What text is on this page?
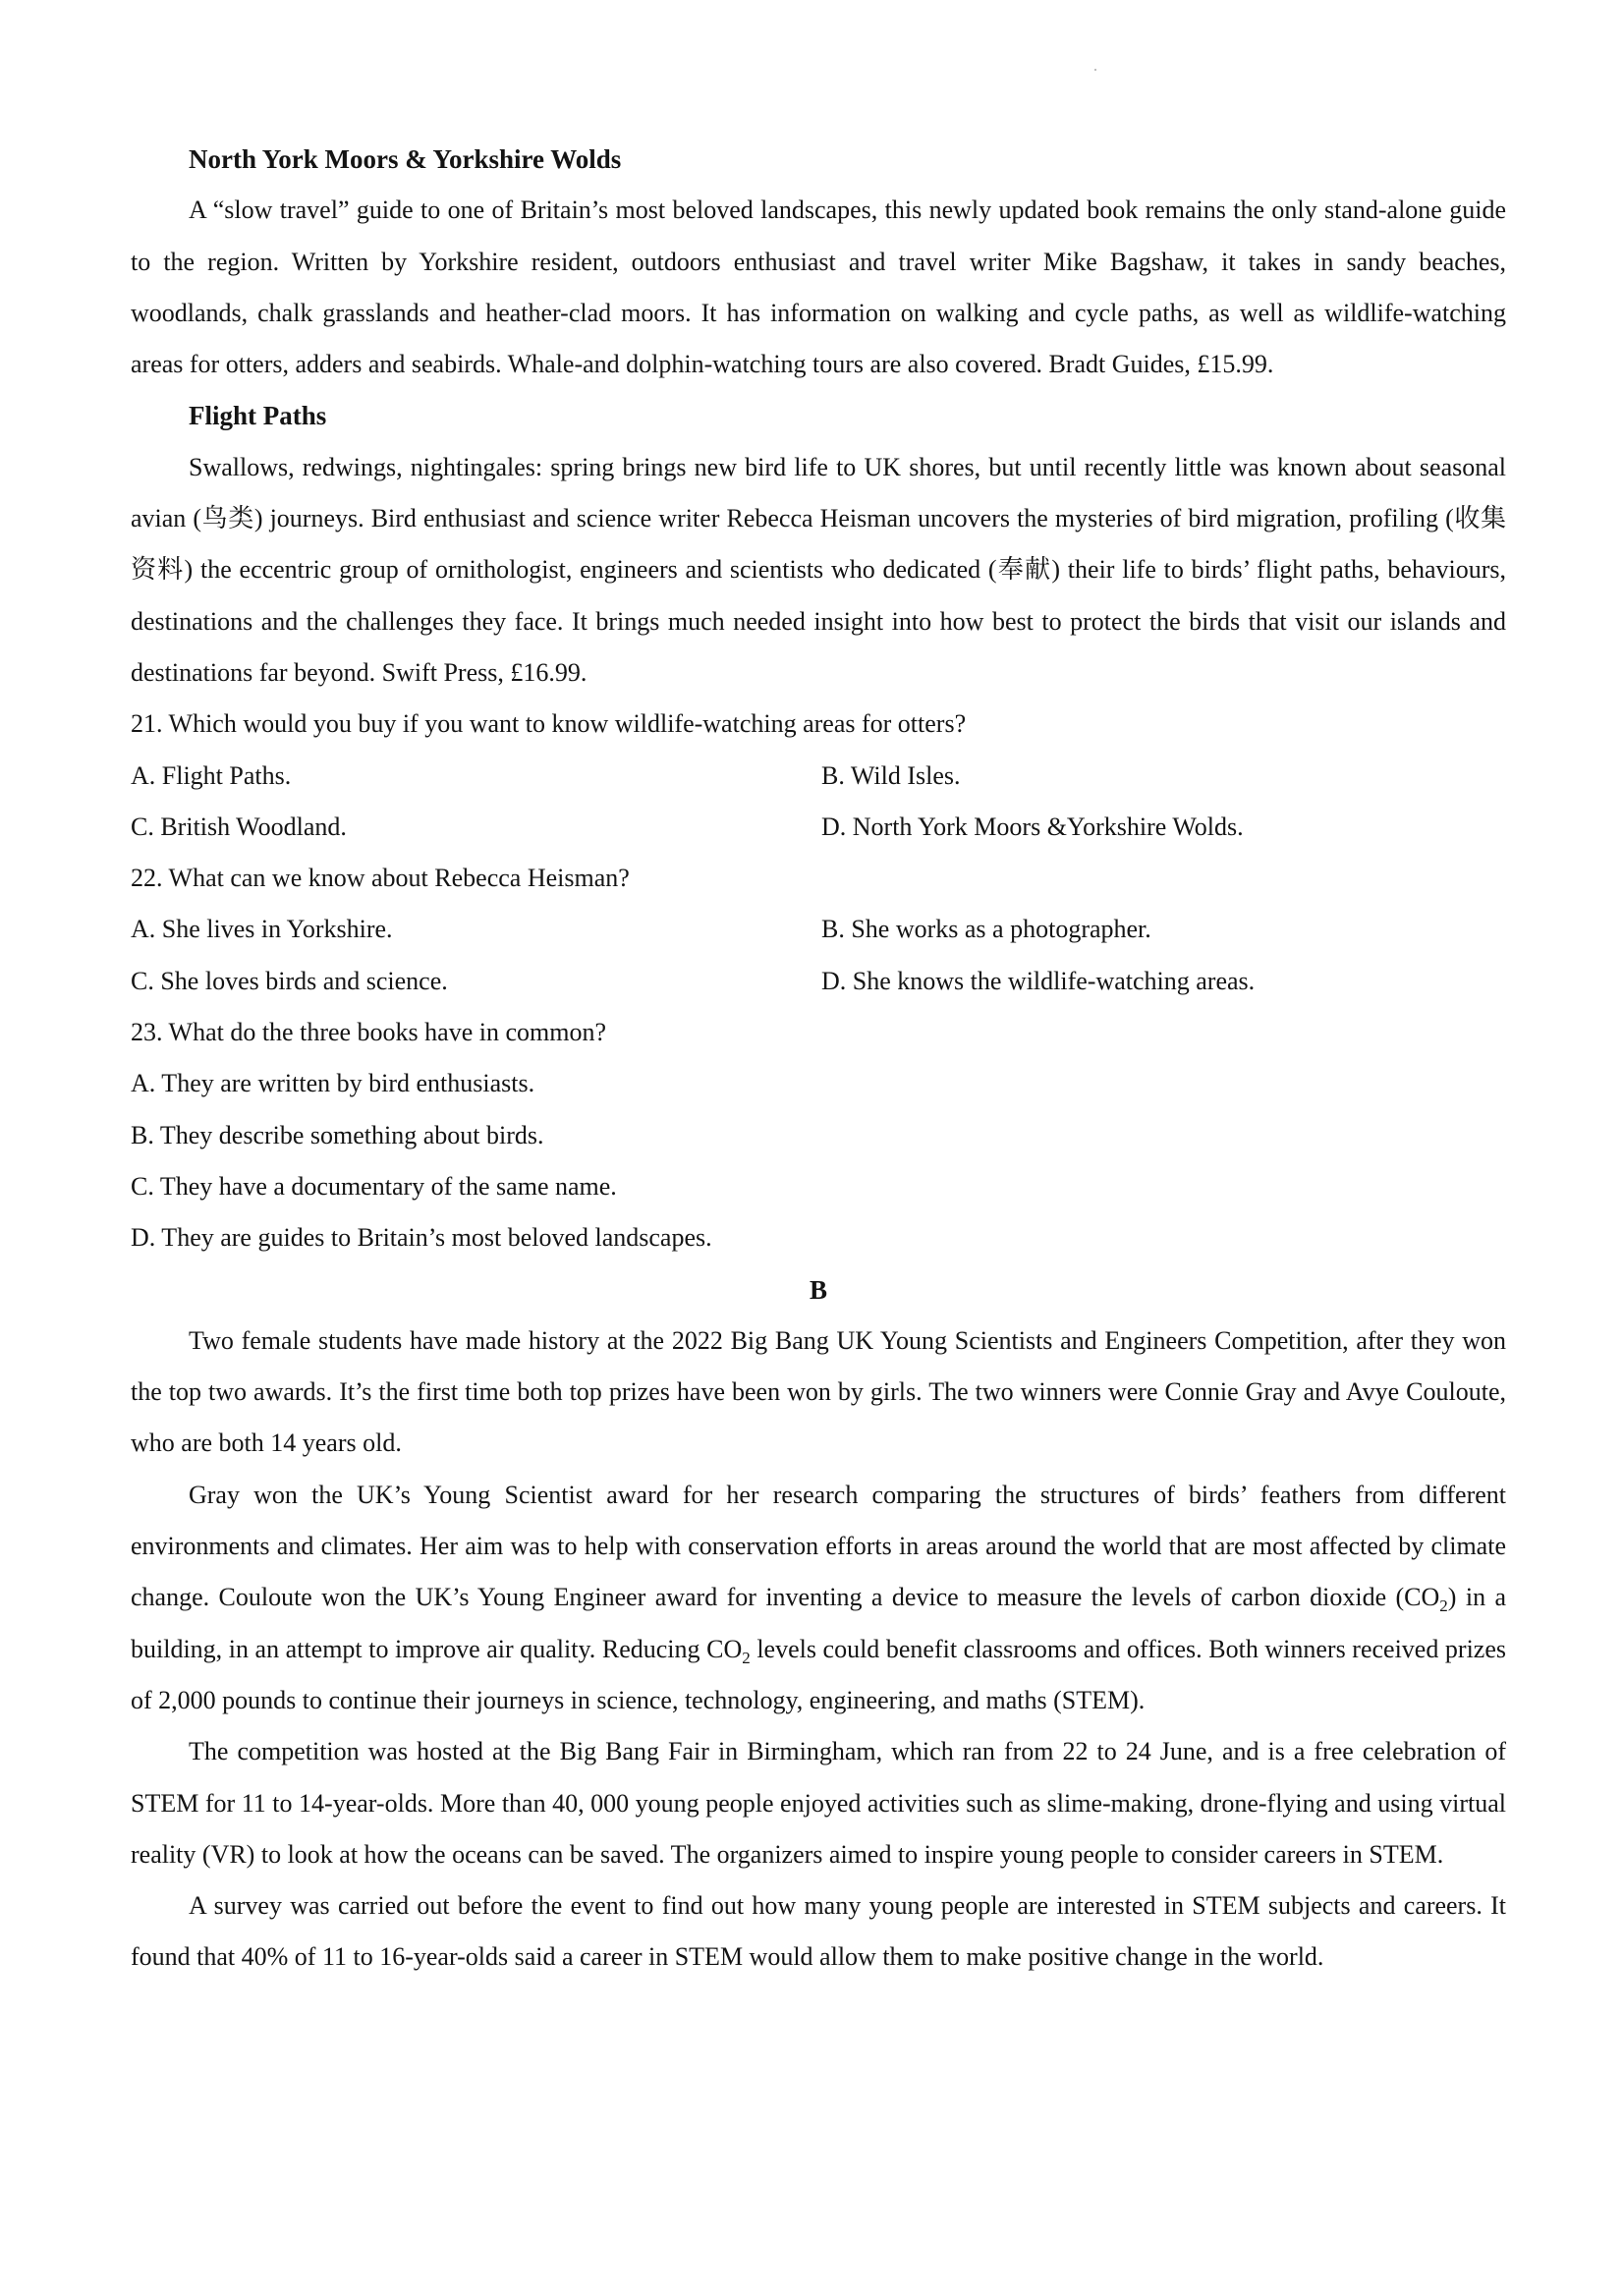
North York Moors & Yorkshire Wolds

A “slow travel” guide to one of Britain’s most beloved landscapes, this newly updated book remains the only stand-alone guide to the region. Written by Yorkshire resident, outdoors enthusiast and travel writer Mike Bagshaw, it takes in sandy beaches, woodlands, chalk grasslands and heather-clad moors. It has information on walking and cycle paths, as well as wildlife-watching areas for otters, adders and seabirds. Whale-and dolphin-watching tours are also covered. Bradt Guides, £15.99.

Flight Paths

Swallows, redwings, nightingales: spring brings new bird life to UK shores, but until recently little was known about seasonal avian (鸟类) journeys. Bird enthusiast and science writer Rebecca Heisman uncovers the mysteries of bird migration, profiling (收集资料) the eccentric group of ornithologist, engineers and scientists who dedicated (奉献) their life to birds’ flight paths, behaviours, destinations and the challenges they face. It brings much needed insight into how best to protect the birds that visit our islands and destinations far beyond. Swift Press, £16.99.

21. Which would you buy if you want to know wildlife-watching areas for otters?
A. Flight Paths.	B. Wild Isles.
C. British Woodland.	D. North York Moors &Yorkshire Wolds.
22. What can we know about Rebecca Heisman?
A. She lives in Yorkshire.	B. She works as a photographer.
C. She loves birds and science.	D. She knows the wildlife-watching areas.
23. What do the three books have in common?
A. They are written by bird enthusiasts.
B. They describe something about birds.
C. They have a documentary of the same name.
D. They are guides to Britain’s most beloved landscapes.
B

Two female students have made history at the 2022 Big Bang UK Young Scientists and Engineers Competition, after they won the top two awards. It’s the first time both top prizes have been won by girls. The two winners were Connie Gray and Avye Couloute, who are both 14 years old.

Gray won the UK’s Young Scientist award for her research comparing the structures of birds’ feathers from different environments and climates. Her aim was to help with conservation efforts in areas around the world that are most affected by climate change. Couloute won the UK’s Young Engineer award for inventing a device to measure the levels of carbon dioxide $(CO_2)$ in a building, in an attempt to improve air quality. Reducing $CO_2$ levels could benefit classrooms and offices. Both winners received prizes of 2,000 pounds to continue their journeys in science, technology, engineering, and maths (STEM).

The competition was hosted at the Big Bang Fair in Birmingham, which ran from 22 to 24 June, and is a free celebration of STEM for 11 to 14-year-olds. More than 40, 000 young people enjoyed activities such as slime-making, drone-flying and using virtual reality (VR) to look at how the oceans can be saved. The organizers aimed to inspire young people to consider careers in STEM.

A survey was carried out before the event to find out how many young people are interested in STEM subjects and careers. It found that 40% of 11 to 16-year-olds said a career in STEM would allow them to make positive change in the world.
